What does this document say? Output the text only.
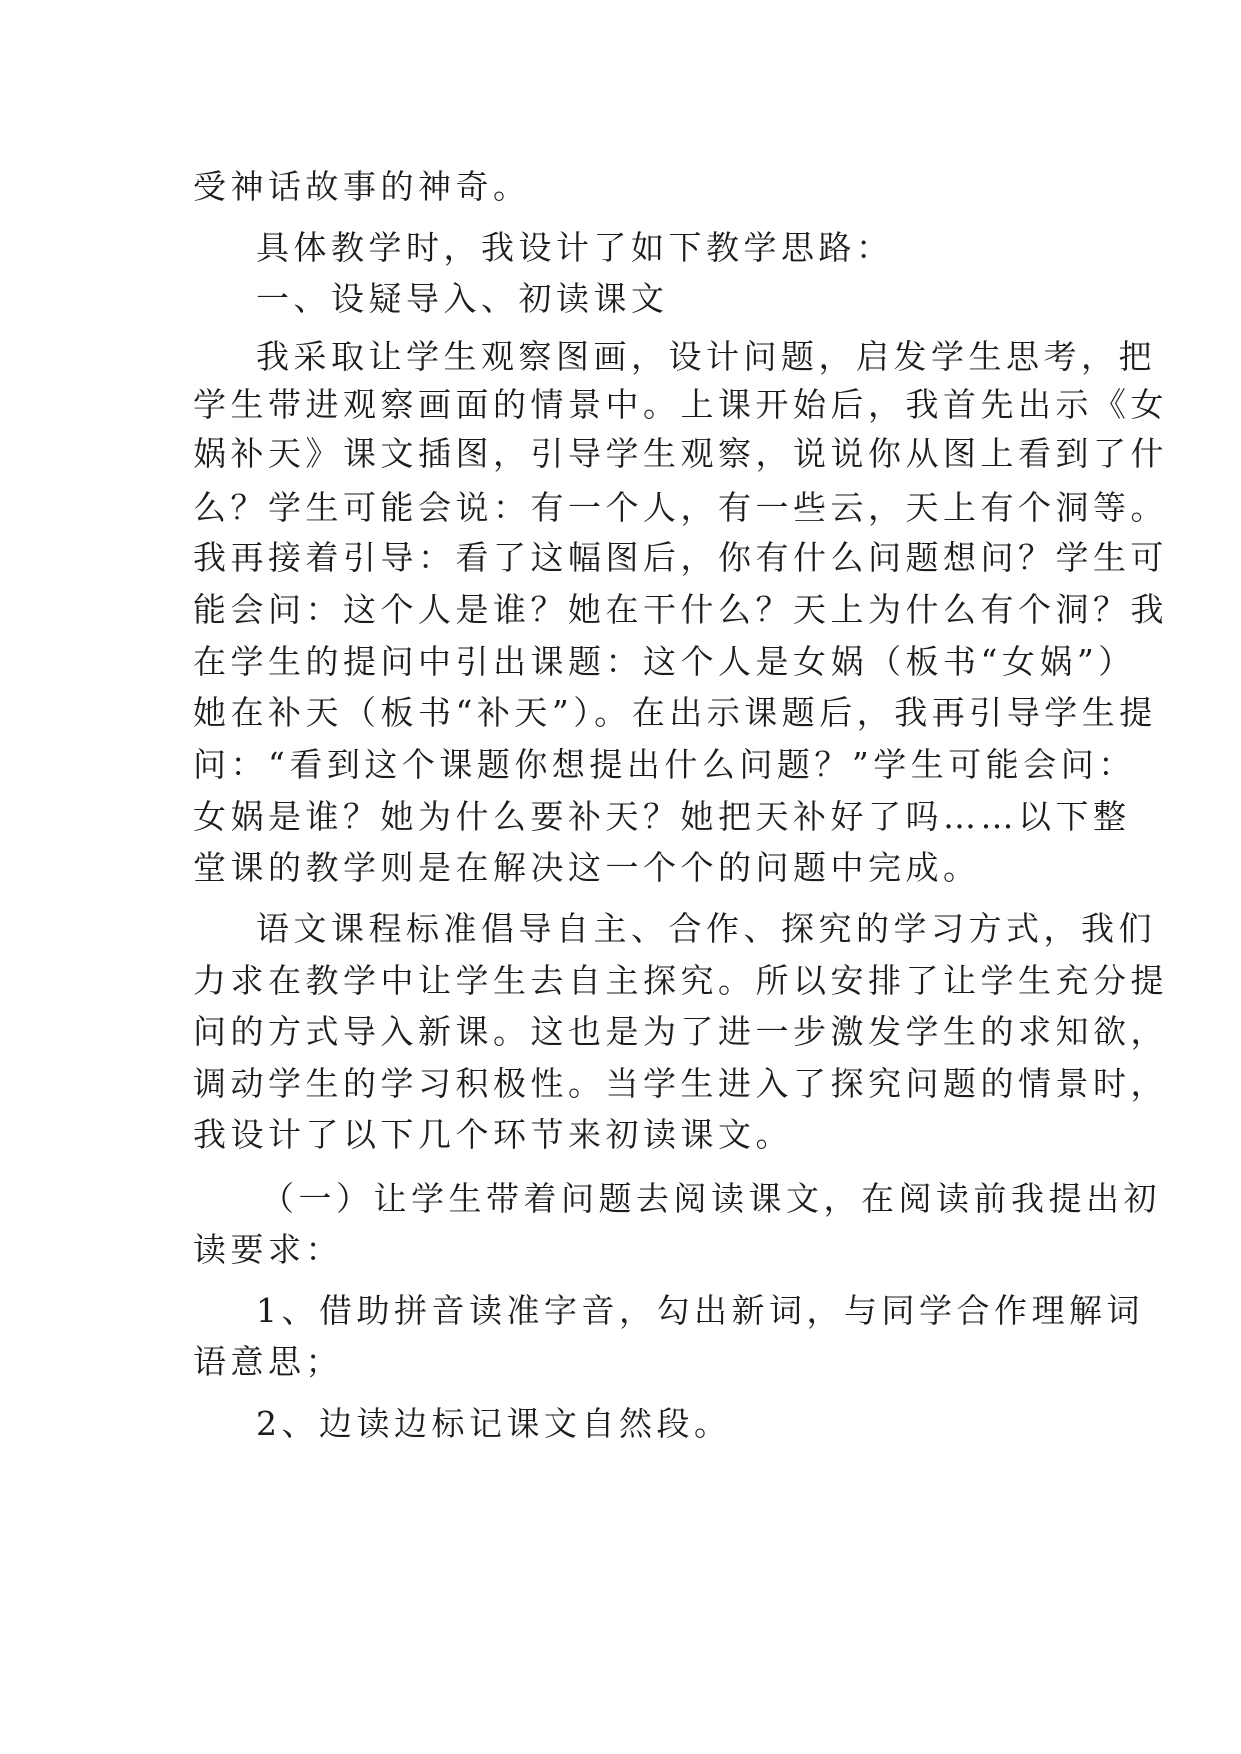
受神话故事的神奇。
具体教学时，我设计了如下教学思路：
一、设疑导入、初读课文
我采取让学生观察图画，设计问题，启发学生思考，把
学生带进观察画面的情景中。上课开始后，我首先出示《女
娲补天》课文插图，引导学生观察，说说你从图上看到了什
么？学生可能会说：有一个人，有一些云，天上有个洞等。
我再接着引导：看了这幅图后，你有什么问题想问？学生可
能会问：这个人是谁？她在干什么？天上为什么有个洞？我
在学生的提问中引出课题：这个人是女娲（板书“女娲”）
她在补天（板书“补天”）。在出示课题后，我再引导学生提
问：“看到这个课题你想提出什么问题？”学生可能会问：
女娲是谁？她为什么要补天？她把天补好了吗……以下整
堂课的教学则是在解决这一个个的问题中完成。
语文课程标准倡导自主、合作、探究的学习方式，我们
力求在教学中让学生去自主探究。所以安排了让学生充分提
问的方式导入新课。这也是为了进一步激发学生的求知欲，
调动学生的学习积极性。当学生进入了探究问题的情景时，
我设计了以下几个环节来初读课文。
（一）让学生带着问题去阅读课文，在阅读前我提出初
读要求：
1、借助拼音读准字音，勾出新词，与同学合作理解词
语意思；
2、边读边标记课文自然段。
